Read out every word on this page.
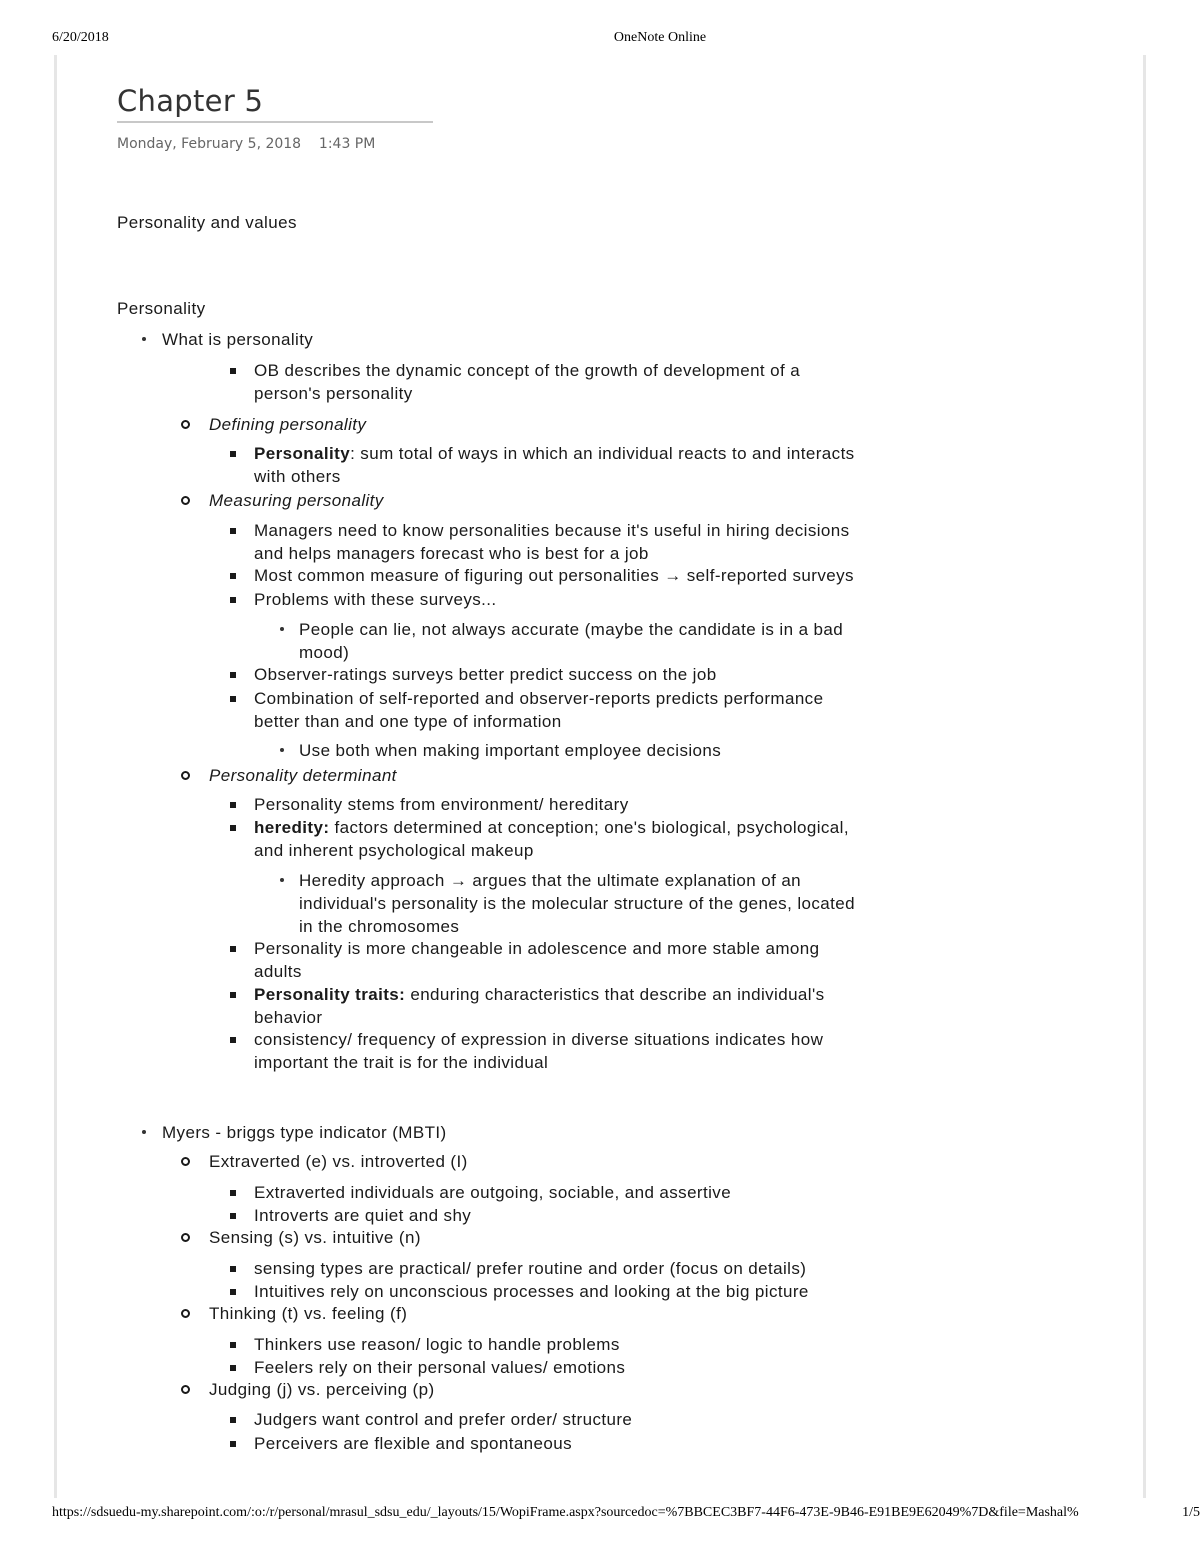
6/20/2018	OneNote Online
Chapter 5
Monday, February 5, 2018 1:43 PM
Personality and values
Personality
What is personality
OB describes the dynamic concept of the growth of development of a
person's personality
Defining personality
Personality: sum total of ways in which an individual reacts to and interacts
with others
Measuring personality
Managers need to know personalities because it's useful in hiring decisions
and helps managers forecast who is best for a job
Most common measure of figuring out personalities → self-reported surveys
Problems with these surveys...
People can lie, not always accurate (maybe the candidate is in a bad
mood)
Observer-ratings surveys better predict success on the job
Combination of self-reported and observer-reports predicts performance
better than and one type of information
Use both when making important employee decisions
Personality determinant
Personality stems from environment/ hereditary
heredity: factors determined at conception; one's biological, psychological,
and inherent psychological makeup
Heredity approach → argues that the ultimate explanation of an
individual's personality is the molecular structure of the genes, located
in the chromosomes
Personality is more changeable in adolescence and more stable among
adults
Personality traits: enduring characteristics that describe an individual's
behavior
consistency/ frequency of expression in diverse situations indicates how
important the trait is for the individual
Myers - briggs type indicator (MBTI)
Extraverted (e) vs. introverted (I)
Extraverted individuals are outgoing, sociable, and assertive
Introverts are quiet and shy
Sensing (s) vs. intuitive (n)
sensing types are practical/ prefer routine and order (focus on details)
Intuitives rely on unconscious processes and looking at the big picture
Thinking (t) vs. feeling (f)
Thinkers use reason/ logic to handle problems
Feelers rely on their personal values/ emotions
Judging (j) vs. perceiving (p)
Judgers want control and prefer order/ structure
Perceivers are flexible and spontaneous
https://sdsuedu-my.sharepoint.com/:o:/r/personal/mrasul_sdsu_edu/_layouts/15/WopiFrame.aspx?sourcedoc=%7BBCEC3BF7-44F6-473E-9B46-E91BE9E62049%7D&file=Mashal%	1/5
